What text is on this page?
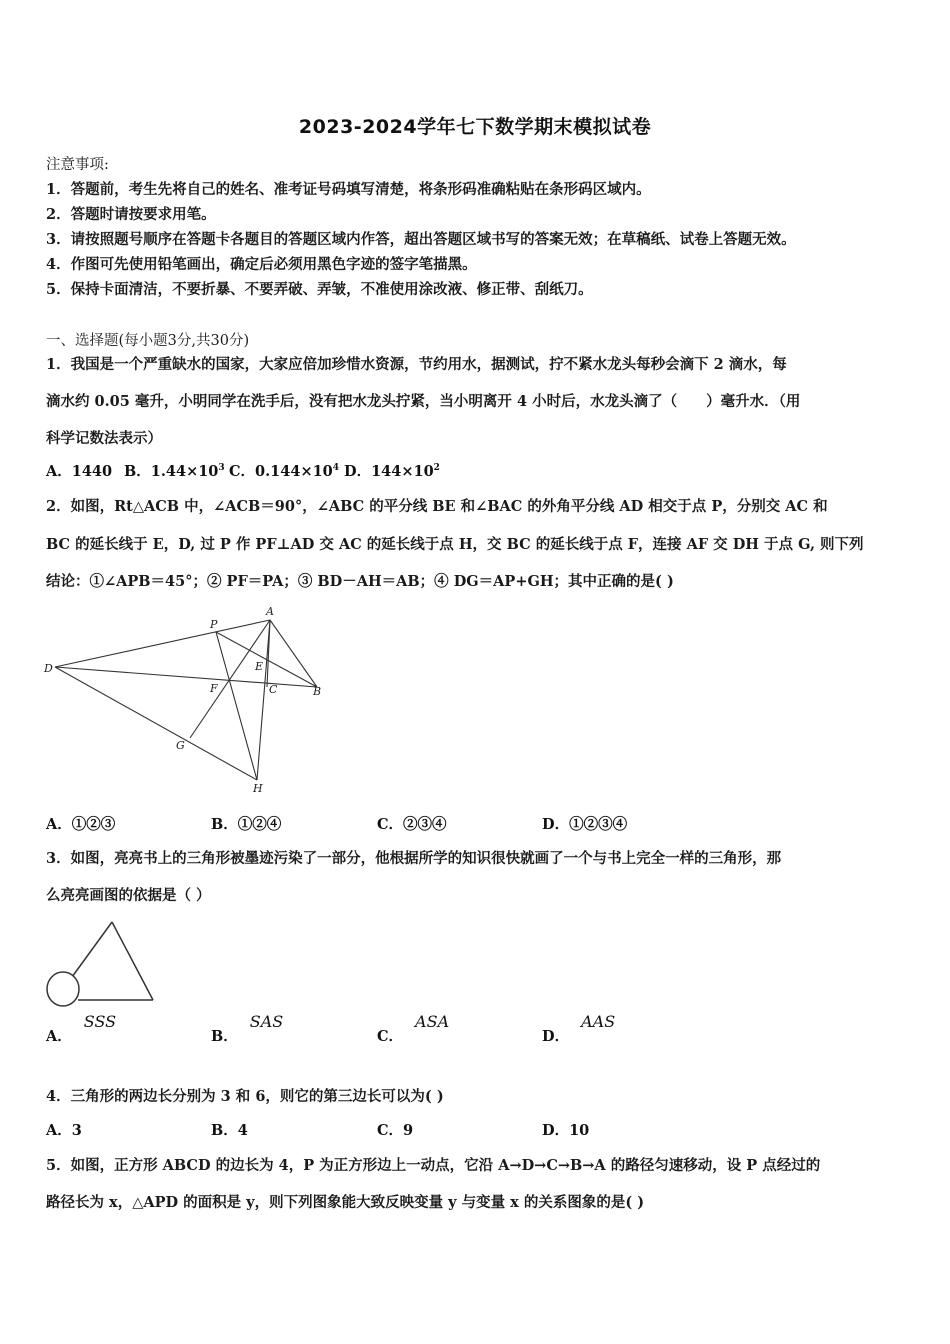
2023-2024学年七下数学期末模拟试卷
注意事项:
1．答题前，考生先将自己的姓名、准考证号码填写清楚，将条形码准确粘贴在条形码区域内。
2．答题时请按要求用笔。
3．请按照题号顺序在答题卡各题目的答题区域内作答，超出答题区域书写的答案无效；在草稿纸、试卷上答题无效。
4．作图可先使用铅笔画出，确定后必须用黑色字迹的签字笔描黑。
5．保持卡面清洁，不要折暴、不要弄破、弄皱，不准使用涂改液、修正带、刮纸刀。
一、选择题(每小题3分,共30分)
1．我国是一个严重缺水的国家，大家应倍加珍惜水资源，节约用水，据测试，拧不紧水龙头每秒会滴下 2 滴水，每
滴水约 0.05 毫升，小明同学在洗手后，没有把水龙头拧紧，当小明离开 4 小时后，水龙头滴了（　　）毫升水．（用
科学记数法表示）
A．1440 B．$1.44\times 10^3$ C．$0.144\times 10^4$ D．$144\times 10^2$
2．如图，Rt△ACB 中，∠ACB＝90°，∠ABC 的平分线 BE 和∠BAC 的外角平分线 AD 相交于点 P，分别交 AC 和
BC 的延长线于 E，D, 过 P 作 PF⊥AD 交 AC 的延长线于点 H，交 BC 的延长线于点 F，连接 AF 交 DH 于点 G, 则下列
结论：①∠APB＝45°；② PF＝PA；③ BD－AH＝AB；④ DG＝AP+GH；其中正确的是( )
A
P
D	E
F	C	B
G
H
A．①②③	B．①②④	C．②③④	D．①②③④
3．如图，亮亮书上的三角形被墨迹污染了一部分，他根据所学的知识很快就画了一个与书上完全一样的三角形，那
么亮亮画图的依据是（ ）
A．SSS
B．SAS
C．ASA
D．AAS
4．三角形的两边长分别为 3 和 6，则它的第三边长可以为( )
A．3	B．4	C．9	D．10
5．如图，正方形 ABCD 的边长为 4，P 为正方形边上一动点，它沿 A→D→C→B→A 的路径匀速移动，设 P 点经过的
路径长为 x，△APD 的面积是 y，则下列图象能大致反映变量 y 与变量 x 的关系图象的是( )
